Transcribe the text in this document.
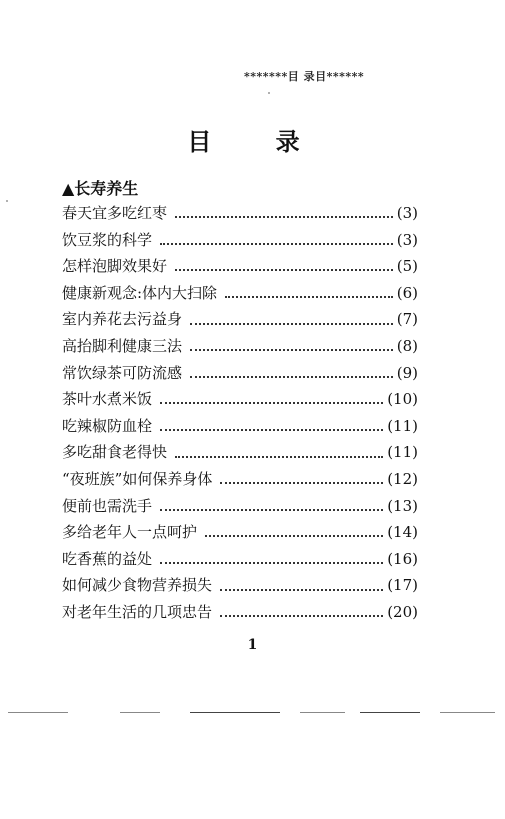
*******目 录目******
目 录
▲长寿养生
春天宜多吃红枣	(3)
饮豆浆的科学	(3)
怎样泡脚效果好	(5)
健康新观念:体内大扫除	(6)
室内养花去污益身	(7)
高抬脚利健康三法	(8)
常饮绿茶可防流感	(9)
茶叶水煮米饭	(10)
吃辣椒防血栓	(11)
多吃甜食老得快	(11)
“夜班族”如何保养身体	(12)
便前也需洗手	(13)
多给老年人一点呵护	(14)
吃香蕉的益处	(16)
如何减少食物营养损失	(17)
对老年生活的几项忠告	(20)
1
